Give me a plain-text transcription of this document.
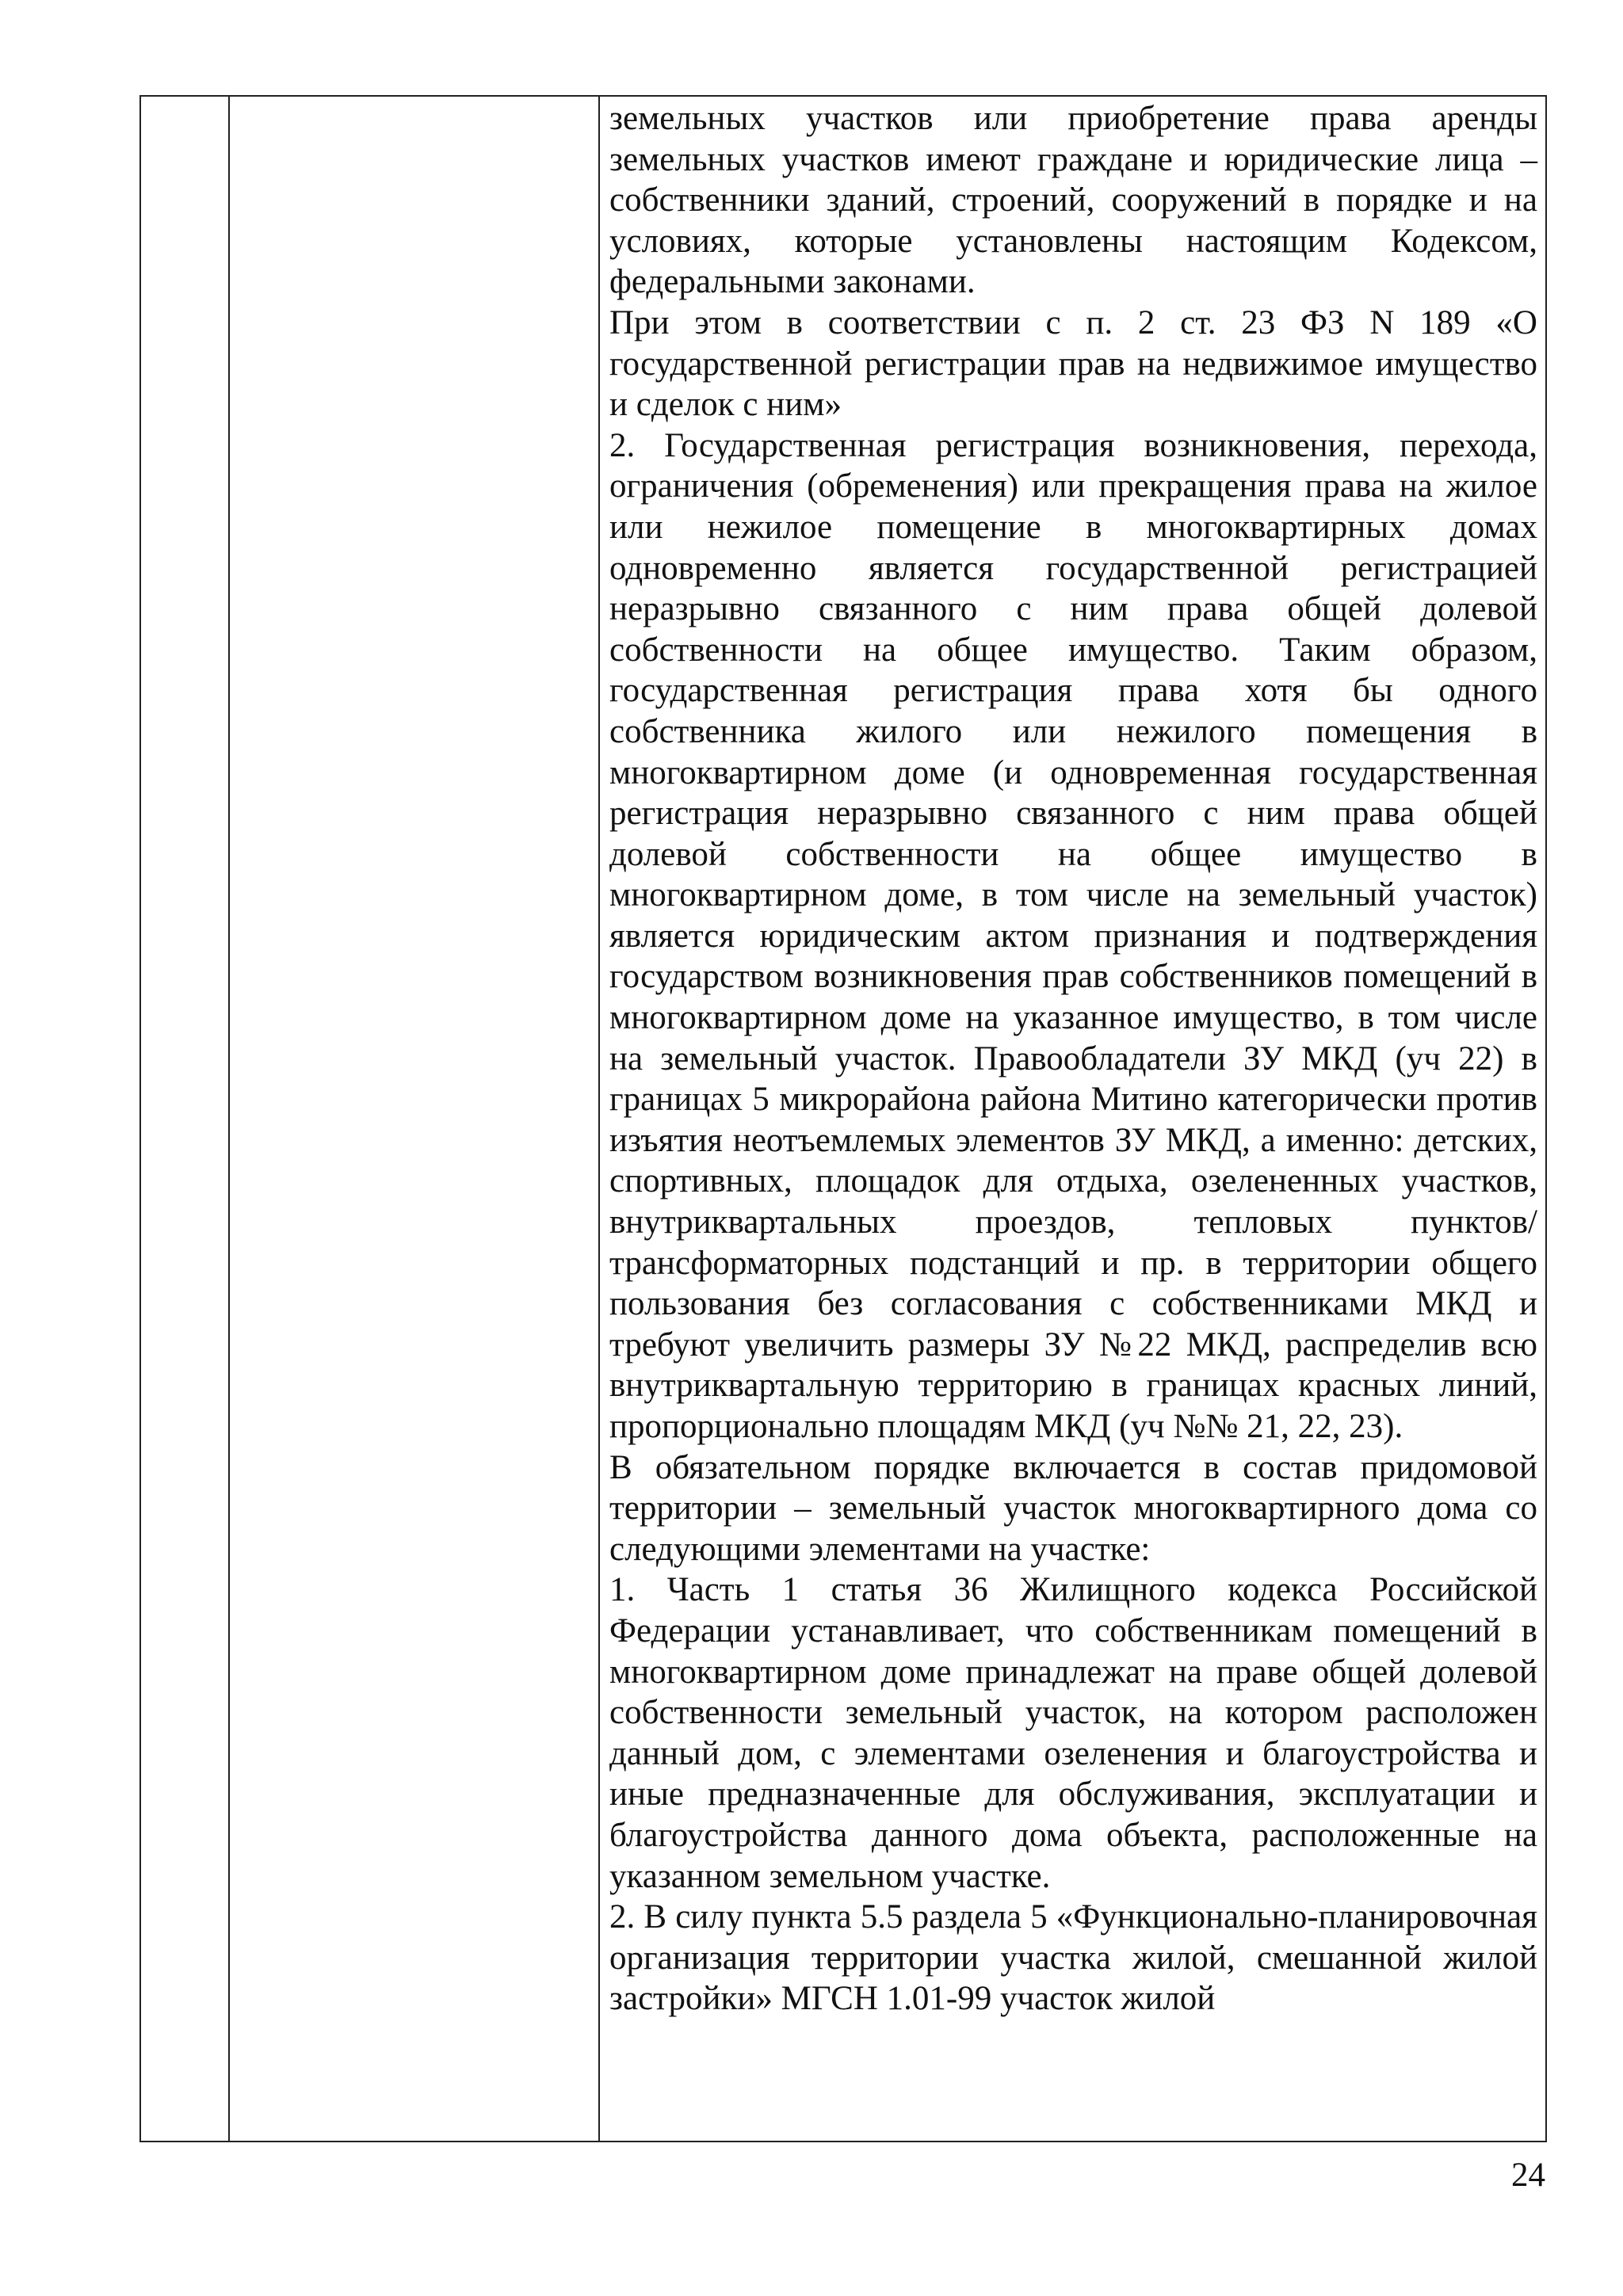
земельных участков или приобретение права аренды земельных участков имеют граждане и юридические лица – собственники зданий, строений, сооружений в порядке и на условиях, которые установлены настоящим Кодексом, федеральными законами.

При этом в соответствии с п. 2 ст. 23 ФЗ N 189 «О государственной регистрации прав на недвижимое имущество и сделок с ним»

2. Государственная регистрация возникновения, перехода, ограничения (обременения) или прекращения права на жилое или нежилое помещение в многоквартирных домах одновременно является государственной регистрацией неразрывно связанного с ним права общей долевой собственности на общее имущество. Таким образом, государственная регистрация права хотя бы одного собственника жилого или нежилого помещения в многоквартирном доме (и одновременная государственная регистрация неразрывно связанного с ним права общей долевой собственности на общее имущество в многоквартирном доме, в том числе на земельный участок) является юридическим актом признания и подтверждения государством возникновения прав собственников помещений в многоквартирном доме на указанное имущество, в том числе на земельный участок. Правообладатели ЗУ МКД (уч 22) в границах 5 микрорайона района Митино категорически против изъятия неотъемлемых элементов ЗУ МКД, а именно: детских, спортивных, площадок для отдыха, озелененных участков, внутриквартальных проездов, тепловых пунктов/трансформаторных подстанций и пр. в территории общего пользования без согласования с собственниками МКД и требуют увеличить размеры ЗУ №22 МКД, распределив всю внутриквартальную территорию в границах красных линий, пропорционально площадям МКД (уч №№ 21, 22, 23).

В обязательном порядке включается в состав придомовой территории – земельный участок многоквартирного дома со следующими элементами на участке:

1. Часть 1 статья 36 Жилищного кодекса Российской Федерации устанавливает, что собственникам помещений в многоквартирном доме принадлежат на праве общей долевой собственности земельный участок, на котором расположен данный дом, с элементами озеленения и благоустройства и иные предназначенные для обслуживания, эксплуатации и благоустройства данного дома объекта, расположенные на указанном земельном участке.

2. В силу пункта 5.5 раздела 5 «Функционально-планировочная организация территории участка жилой, смешанной жилой застройки» МГСН 1.01-99 участок жилой

24
